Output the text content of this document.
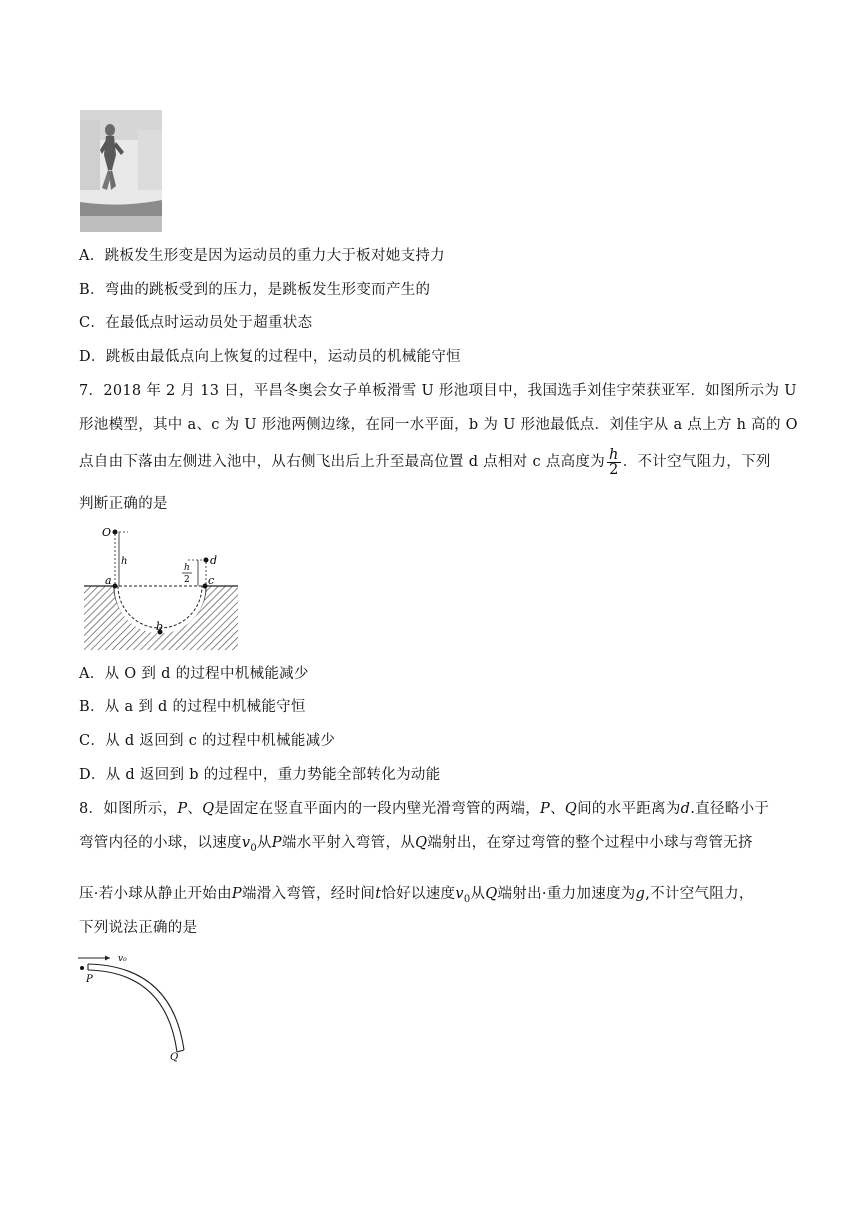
A．跳板发生形变是因为运动员的重力大于板对她支持力
B．弯曲的跳板受到的压力，是跳板发生形变而产生的
C．在最低点时运动员处于超重状态
D．跳板由最低点向上恢复的过程中，运动员的机械能守恒
7．2018 年 2 月 13 日，平昌冬奥会女子单板滑雪 U 形池项目中，我国选手刘佳宇荣获亚军．如图所示为 U
形池模型，其中 a、c 为 U 形池两侧边缘，在同一水平面，b 为 U 形池最低点．刘佳宇从 a 点上方 h 高的 O
点自由下落由左侧进入池中，从右侧飞出后上升至最高位置 d 点相对 c 点高度为 $\frac{h}{2}$ ．不计空气阻力，下列
判断正确的是
O
h
h
2
d
a	c
b
A．从 O 到 d 的过程中机械能减少
B．从 a 到 d 的过程中机械能守恒
C．从 d 返回到 c 的过程中机械能减少
D．从 d 返回到 b 的过程中，重力势能全部转化为动能
8．如图所示，P、Q是固定在竖直平面内的一段内壁光滑弯管的两端，P、Q间的水平距离为d.直径略小于
弯管内径的小球，以速度$v_0$从P端水平射入弯管，从Q端射出，在穿过弯管的整个过程中小球与弯管无挤
压·若小球从静止开始由P端滑入弯管，经时间t恰好以速度$v_0$从Q端射出·重力加速度为g,不计空气阻力，
下列说法正确的是
v₀
P
Q
